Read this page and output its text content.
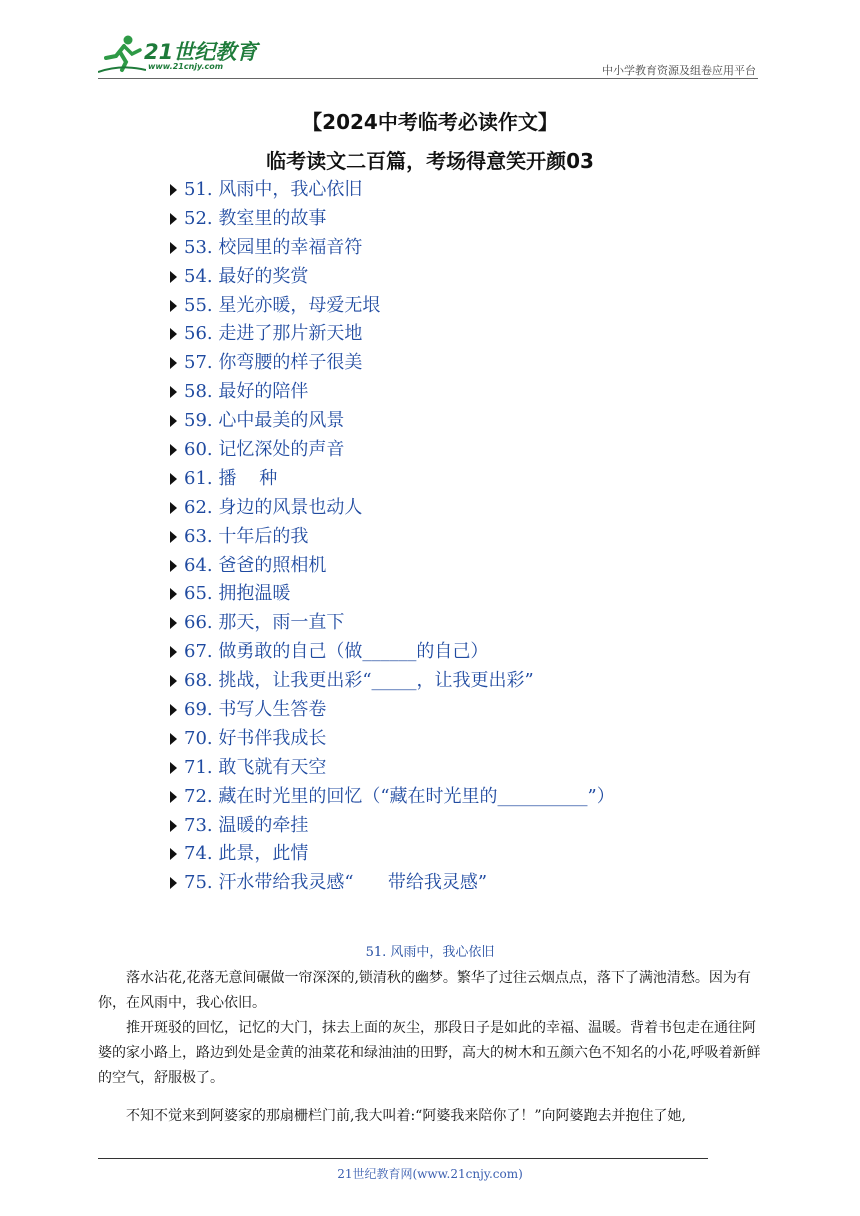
21世纪教育
www.21cnjy.com	中小学教育资源及组卷应用平台
【2024中考临考必读作文】
临考读文二百篇，考场得意笑开颜03
51. 风雨中，我心依旧
52. 教室里的故事
53. 校园里的幸福音符
54. 最好的奖赏
55. 星光亦暖，母爱无垠
56. 走进了那片新天地
57. 你弯腰的样子很美
58. 最好的陪伴
59. 心中最美的风景
60. 记忆深处的声音
61. 播    种
62. 身边的风景也动人
63. 十年后的我
64. 爸爸的照相机
65. 拥抱温暖
66. 那天，雨一直下
67. 做勇敢的自己（做______的自己）
68. 挑战，让我更出彩“_____，让我更出彩”
69. 书写人生答卷
70. 好书伴我成长
71. 敢飞就有天空
72. 藏在时光里的回忆（“藏在时光里的__________”）
73. 温暖的牵挂
74. 此景，此情
75. 汗水带给我灵感“      带给我灵感”
51. 风雨中，我心依旧

落水沾花,花落无意间碾做一帘深深的,锁清秋的幽梦。繁华了过往云烟点点，落下了满池清愁。因为有你，在风雨中，我心依旧。

推开斑驳的回忆，记忆的大门，抹去上面的灰尘，那段日子是如此的幸福、温暖。背着书包走在通往阿婆的家小路上，路边到处是金黄的油菜花和绿油油的田野，高大的树木和五颜六色不知名的小花,呼吸着新鲜的空气，舒服极了。

不知不觉来到阿婆家的那扇栅栏门前,我大叫着:“阿婆我来陪你了！”向阿婆跑去并抱住了她,

21世纪教育网(www.21cnjy.com)
